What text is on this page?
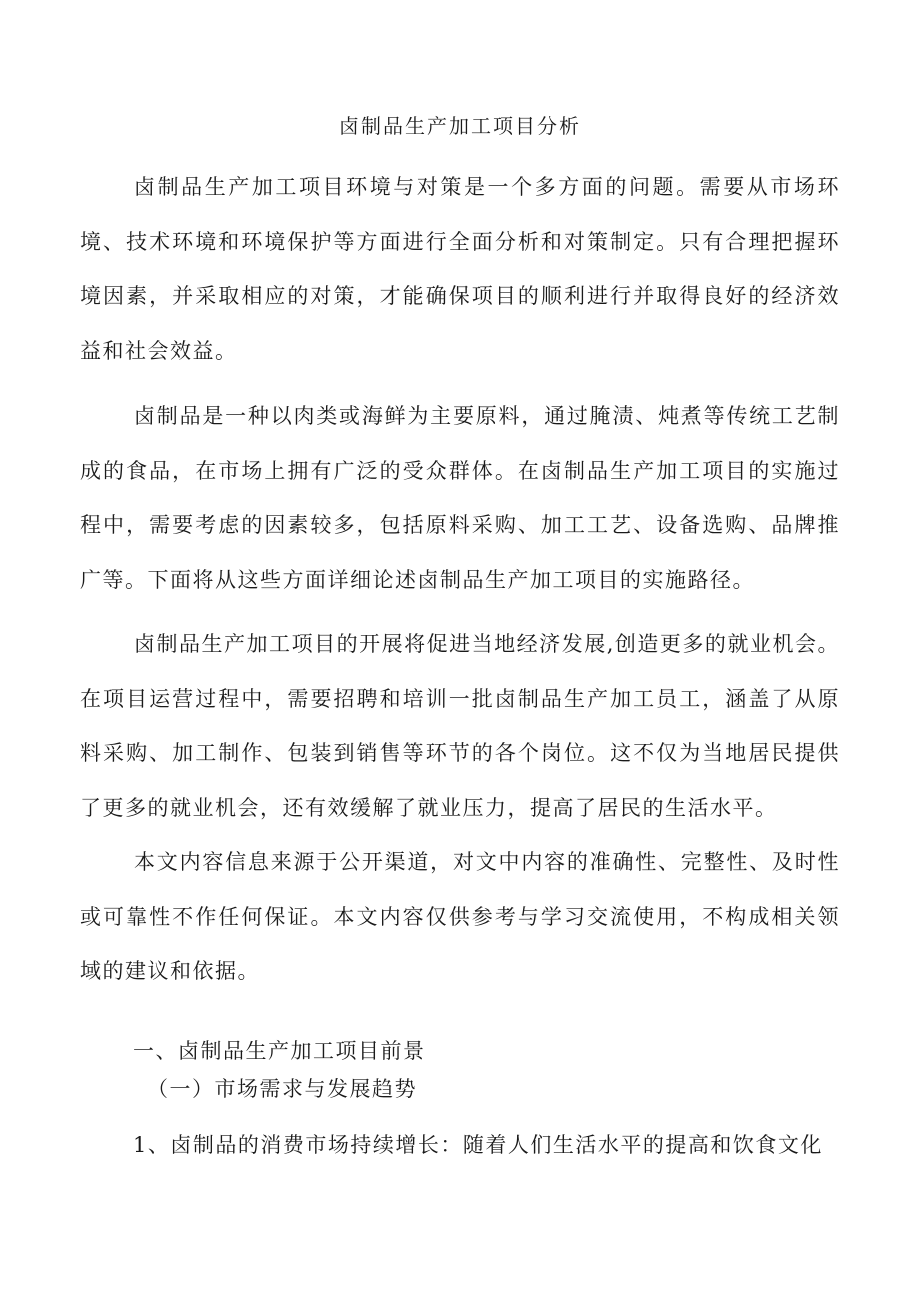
卤制品生产加工项目分析

卤制品生产加工项目环境与对策是一个多方面的问题。需要从市场环境、技术环境和环境保护等方面进行全面分析和对策制定。只有合理把握环境因素，并采取相应的对策，才能确保项目的顺利进行并取得良好的经济效益和社会效益。

卤制品是一种以肉类或海鲜为主要原料，通过腌渍、炖煮等传统工艺制成的食品，在市场上拥有广泛的受众群体。在卤制品生产加工项目的实施过程中，需要考虑的因素较多，包括原料采购、加工工艺、设备选购、品牌推广等。下面将从这些方面详细论述卤制品生产加工项目的实施路径。

卤制品生产加工项目的开展将促进当地经济发展,创造更多的就业机会。在项目运营过程中，需要招聘和培训一批卤制品生产加工员工，涵盖了从原料采购、加工制作、包装到销售等环节的各个岗位。这不仅为当地居民提供了更多的就业机会，还有效缓解了就业压力，提高了居民的生活水平。

本文内容信息来源于公开渠道，对文中内容的准确性、完整性、及时性或可靠性不作任何保证。本文内容仅供参考与学习交流使用，不构成相关领域的建议和依据。

一、卤制品生产加工项目前景
（一）市场需求与发展趋势
1、卤制品的消费市场持续增长：随着人们生活水平的提高和饮食文化
